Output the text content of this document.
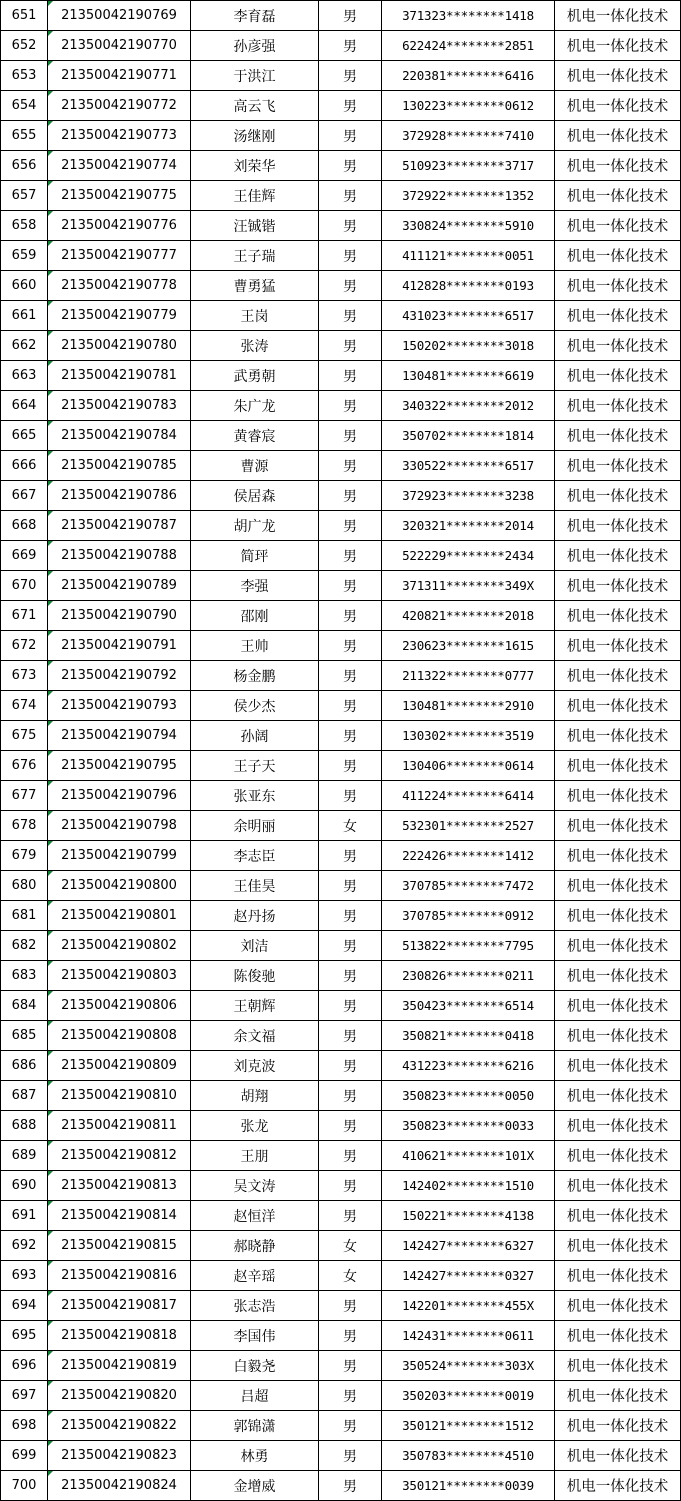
651	21350042190769	李育磊	男	371323********1418	机电一体化技术
652	21350042190770	孙彦强	男	622424********2851	机电一体化技术
653	21350042190771	于洪江	男	220381********6416	机电一体化技术
654	21350042190772	高云飞	男	130223********0612	机电一体化技术
655	21350042190773	汤继刚	男	372928********7410	机电一体化技术
656	21350042190774	刘荣华	男	510923********3717	机电一体化技术
657	21350042190775	王佳辉	男	372922********1352	机电一体化技术
658	21350042190776	汪铖锴	男	330824********5910	机电一体化技术
659	21350042190777	王子瑞	男	411121********0051	机电一体化技术
660	21350042190778	曹勇猛	男	412828********0193	机电一体化技术
661	21350042190779	王岗	男	431023********6517	机电一体化技术
662	21350042190780	张涛	男	150202********3018	机电一体化技术
663	21350042190781	武勇朝	男	130481********6619	机电一体化技术
664	21350042190783	朱广龙	男	340322********2012	机电一体化技术
665	21350042190784	黄睿宸	男	350702********1814	机电一体化技术
666	21350042190785	曹源	男	330522********6517	机电一体化技术
667	21350042190786	侯居森	男	372923********3238	机电一体化技术
668	21350042190787	胡广龙	男	320321********2014	机电一体化技术
669	21350042190788	简玶	男	522229********2434	机电一体化技术
670	21350042190789	李强	男	371311********349X	机电一体化技术
671	21350042190790	邵刚	男	420821********2018	机电一体化技术
672	21350042190791	王帅	男	230623********1615	机电一体化技术
673	21350042190792	杨金鹏	男	211322********0777	机电一体化技术
674	21350042190793	侯少杰	男	130481********2910	机电一体化技术
675	21350042190794	孙阔	男	130302********3519	机电一体化技术
676	21350042190795	王子天	男	130406********0614	机电一体化技术
677	21350042190796	张亚东	男	411224********6414	机电一体化技术
678	21350042190798	余明丽	女	532301********2527	机电一体化技术
679	21350042190799	李志臣	男	222426********1412	机电一体化技术
680	21350042190800	王佳昊	男	370785********7472	机电一体化技术
681	21350042190801	赵丹扬	男	370785********0912	机电一体化技术
682	21350042190802	刘洁	男	513822********7795	机电一体化技术
683	21350042190803	陈俊驰	男	230826********0211	机电一体化技术
684	21350042190806	王朝辉	男	350423********6514	机电一体化技术
685	21350042190808	余文福	男	350821********0418	机电一体化技术
686	21350042190809	刘克波	男	431223********6216	机电一体化技术
687	21350042190810	胡翔	男	350823********0050	机电一体化技术
688	21350042190811	张龙	男	350823********0033	机电一体化技术
689	21350042190812	王朋	男	410621********101X	机电一体化技术
690	21350042190813	吴文涛	男	142402********1510	机电一体化技术
691	21350042190814	赵恒洋	男	150221********4138	机电一体化技术
692	21350042190815	郝晓静	女	142427********6327	机电一体化技术
693	21350042190816	赵辛瑶	女	142427********0327	机电一体化技术
694	21350042190817	张志浩	男	142201********455X	机电一体化技术
695	21350042190818	李国伟	男	142431********0611	机电一体化技术
696	21350042190819	白毅尧	男	350524********303X	机电一体化技术
697	21350042190820	吕超	男	350203********0019	机电一体化技术
698	21350042190822	郭锦潇	男	350121********1512	机电一体化技术
699	21350042190823	林勇	男	350783********4510	机电一体化技术
700	21350042190824	金增威	男	350121********0039	机电一体化技术
